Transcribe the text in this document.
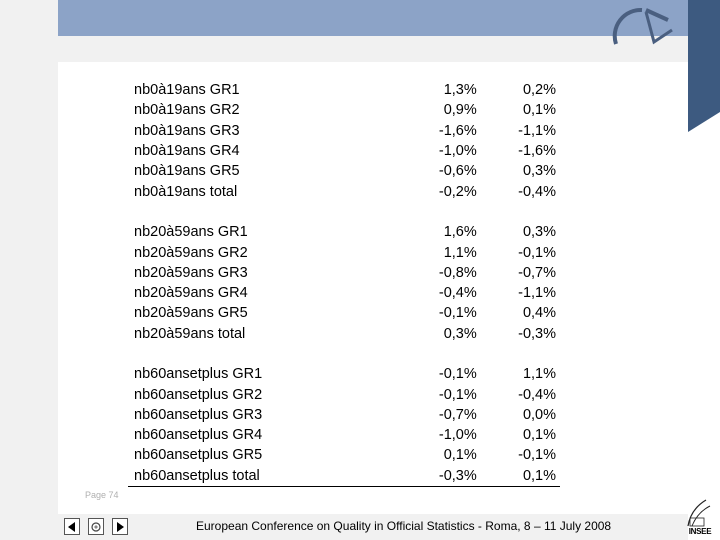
nb0à19ans GR1	1,3%	0,2%
nb0à19ans GR2	0,9%	0,1%
nb0à19ans GR3	-1,6%	-1,1%
nb0à19ans GR4	-1,0%	-1,6%
nb0à19ans GR5	-0,6%	0,3%
nb0à19ans total	-0,2%	-0,4%

nb20à59ans GR1	1,6%	0,3%
nb20à59ans GR2	1,1%	-0,1%
nb20à59ans GR3	-0,8%	-0,7%
nb20à59ans GR4	-0,4%	-1,1%
nb20à59ans GR5	-0,1%	0,4%
nb20à59ans total	0,3%	-0,3%

nb60ansetplus GR1	-0,1%	1,1%
nb60ansetplus GR2	-0,1%	-0,4%
nb60ansetplus GR3	-0,7%	0,0%
nb60ansetplus GR4	-1,0%	0,1%
nb60ansetplus GR5	0,1%	-0,1%
nb60ansetplus total	-0,3%	0,1%
Page 74
European Conference on Quality in Official Statistics - Roma, 8 – 11 July 2008	INSEE
